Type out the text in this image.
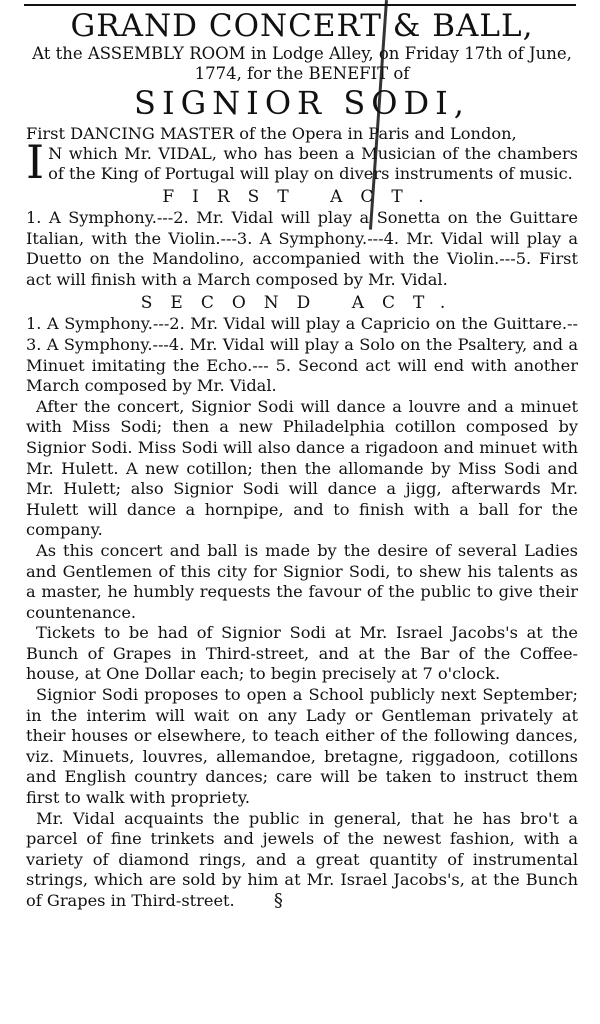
GRAND CONCERT & BALL,

At the ASSEMBLY ROOM in Lodge Alley, on Friday 17th of June, 1774, for the BENEFIT of

SIGNIOR SODI,

First DANCING MASTER of the Opera in Paris and London,

I N which Mr. VIDAL, who has been a Musician of the chambers of the King of Portugal will play on divers instruments of music.

FIRST ACT.

1. A Symphony.---2. Mr. Vidal will play a Sonetta on the Guittare Italian, with the Violin.---3. A Symphony.---4. Mr. Vidal will play a Duetto on the Mandolino, accompanied with the Violin.---5. First act will finish with a March composed by Mr. Vidal.

SECOND ACT.

1. A Symphony.---2. Mr. Vidal will play a Capricio on the Guittare.-- 3. A Symphony.---4. Mr. Vidal will play a Solo on the Psaltery, and a Minuet imitating the Echo.--- 5. Second act will end with another March composed by Mr. Vidal.

After the concert, Signior Sodi will dance a louvre and a minuet with Miss Sodi; then a new Philadelphia cotillon composed by Signior Sodi. Miss Sodi will also dance a rigadoon and minuet with Mr. Hulett. A new cotillon; then the allomande by Miss Sodi and Mr. Hulett; also Signior Sodi will dance a jigg, afterwards Mr. Hulett will dance a hornpipe, and to finish with a ball for the company.

As this concert and ball is made by the desire of several Ladies and Gentlemen of this city for Signior Sodi, to shew his talents as a master, he humbly requests the favour of the public to give their countenance.

Tickets to be had of Signior Sodi at Mr. Israel Jacobs's at the Bunch of Grapes in Third-street, and at the Bar of the Coffee-house, at One Dollar each; to begin precisely at 7 o'clock.

Signior Sodi proposes to open a School publicly next September; in the interim will wait on any Lady or Gentleman privately at their houses or elsewhere, to teach either of the following dances, viz. Minuets, louvres, allemandoe, bretagne, riggadoon, cotillons and English country dances; care will be taken to instruct them first to walk with propriety.

Mr. Vidal acquaints the public in general, that he has bro't a parcel of fine trinkets and jewels of the newest fashion, with a variety of diamond rings, and a great quantity of instrumental strings, which are sold by him at Mr. Israel Jacobs's, at the Bunch of Grapes in Third-street. §
